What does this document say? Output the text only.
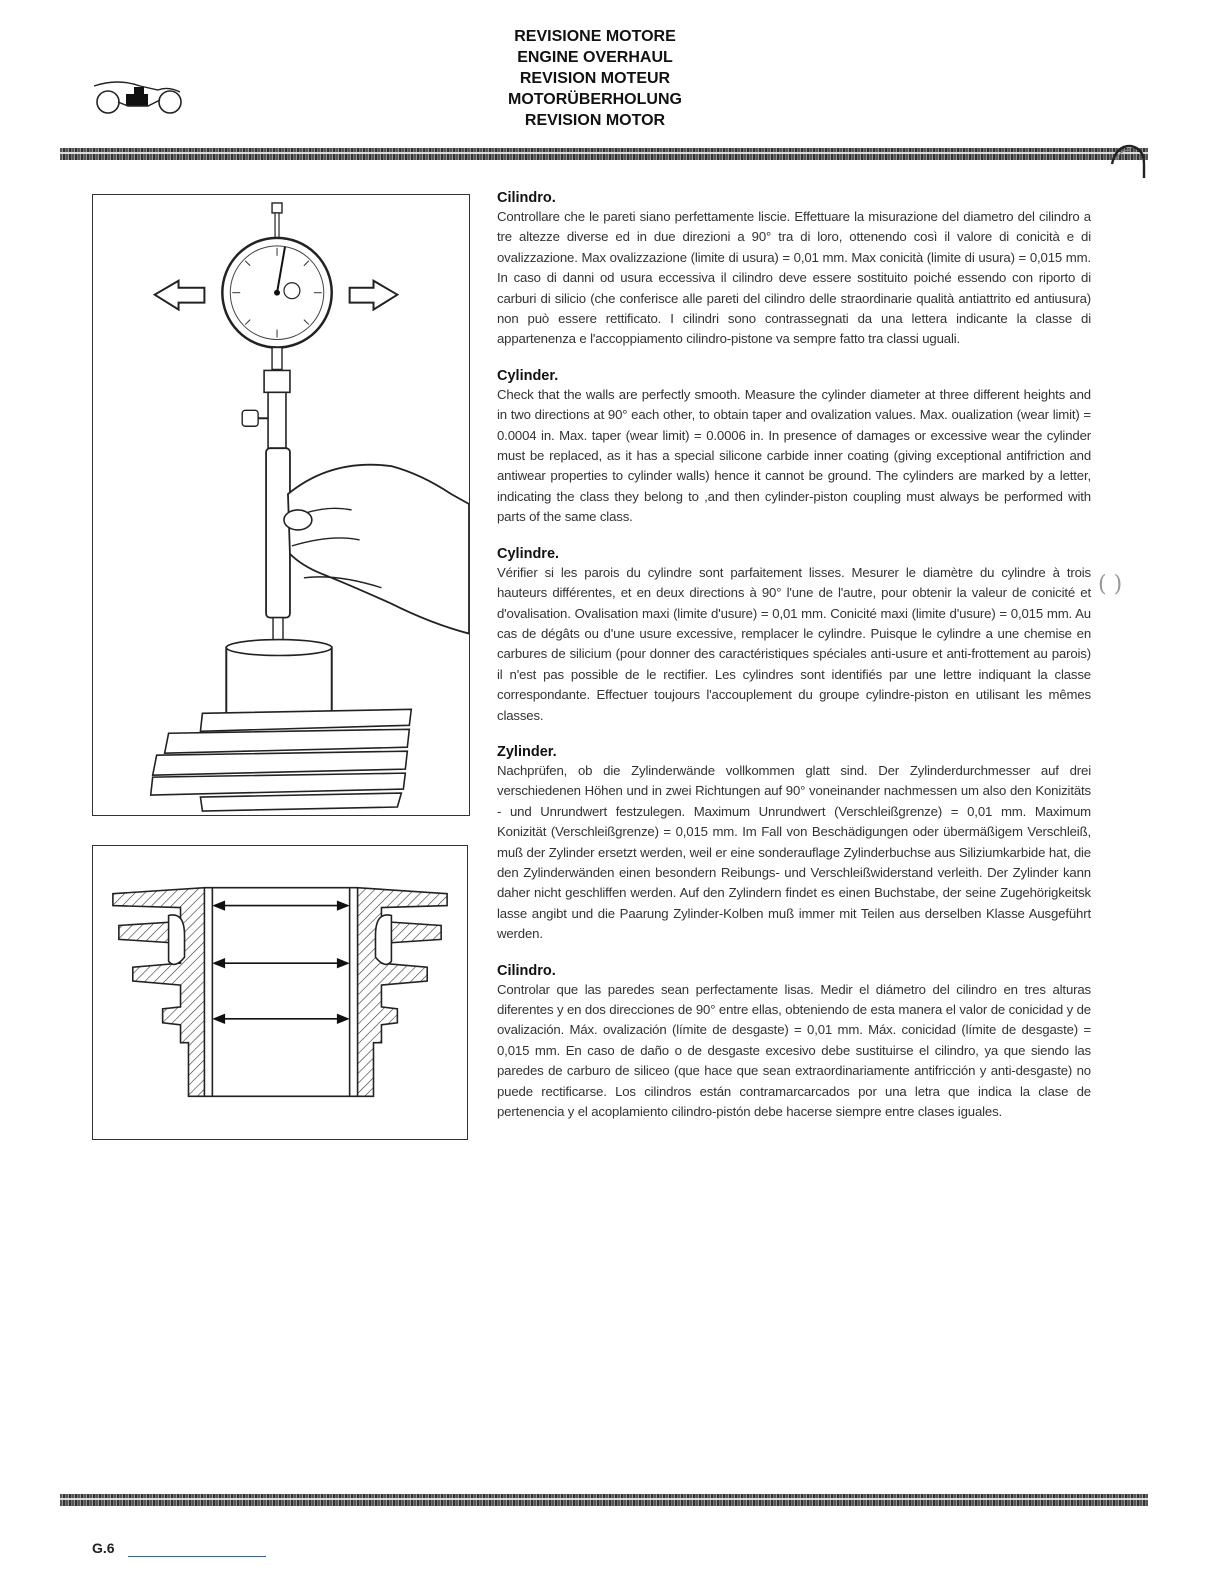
REVISIONE MOTORE
ENGINE OVERHAUL
REVISION MOTEUR
MOTORÜBERHOLUNG
REVISION MOTOR
Cilindro.

Controllare che le pareti siano perfettamente liscie. Effettuare la misurazione del diametro del cilindro a tre altezze diverse ed in due direzioni a 90° tra di loro, ottenendo così il valore di conicità e di ovalizzazione. Max ovalizzazione (limite di usura) = 0,01 mm. Max conicità (limite di usura) = 0,015 mm. In caso di danni od usura eccessiva il cilindro deve essere sostituito poiché essendo con riporto di carburi di silicio (che conferisce alle pareti del cilindro delle straordinarie qualità antiattrito ed antiusura) non può essere rettificato. I cilindri sono contrassegnati da una lettera indicante la classe di appartenenza e l'accoppiamento cilindro-pistone va sempre fatto tra classi uguali.

Cylinder.

Check that the walls are perfectly smooth. Measure the cylinder diameter at three different heights and in two directions at 90° each other, to obtain taper and ovalization values. Max. oualization (wear limit) = 0.0004 in. Max. taper (wear limit) = 0.0006 in. In presence of damages or excessive wear the cylinder must be replaced, as it has a special silicone carbide inner coating (giving exceptional antifriction and antiwear properties to cylinder walls) hence it cannot be ground. The cylinders are marked by a letter, indicating the class they belong to ,and then cylinder-piston coupling must always be performed with parts of the same class.

Cylindre.

Vérifier si les parois du cylindre sont parfaitement lisses. Mesurer le diamètre du cylindre à trois hauteurs différentes, et en deux directions à 90° l'une de l'autre, pour obtenir la valeur de conicité et d'ovalisation. Ovalisation maxi (limite d'usure) = 0,01 mm. Conicité maxi (limite d'usure) = 0,015 mm. Au cas de dégâts ou d'une usure excessive, remplacer le cylindre. Puisque le cylindre a une chemise en carbures de silicium (pour donner des caractéristiques spéciales anti-usure et anti-frottement au parois) il n'est pas possible de le rectifier. Les cylindres sont identifiés par une lettre indiquant la classe correspondante. Effectuer toujours l'accouplement du groupe cylindre-piston en utilisant les mêmes classes.

Zylinder.

Nachprüfen, ob die Zylinderwände vollkommen glatt sind. Der Zylinderdurchmesser auf drei verschiedenen Höhen und in zwei Richtungen auf 90° voneinander nachmessen um also den Konizitäts - und Unrundwert festzulegen. Maximum Unrundwert (Verschleißgrenze) = 0,01 mm. Maximum Konizität (Verschleißgrenze) = 0,015 mm. Im Fall von Beschädigungen oder übermäßigem Verschleiß, muß der Zylinder ersetzt werden, weil er eine sonderauflage Zylinderbuchse aus Siliziumkarbide hat, die den Zylinderwänden einen besondern Reibungs- und Verschleißwiderstand verleith. Der Zylinder kann daher nicht geschliffen werden. Auf den Zylindern findet es einen Buchstabe, der seine Zugehörigkeitsk lasse angibt und die Paarung Zylinder-Kolben muß immer mit Teilen aus derselben Klasse Ausgeführt werden.

Cilindro.

Controlar que las paredes sean perfectamente lisas. Medir el diámetro del cilindro en tres alturas diferentes y en dos direcciones de 90° entre ellas, obteniendo de esta manera el valor de conicidad y de ovalización. Máx. ovalización (límite de desgaste) = 0,01 mm. Máx. conicidad (límite de desgaste) = 0,015 mm. En caso de daño o de desgaste excesivo debe sustituirse el cilindro, ya que siendo las paredes de carburo de siliceo (que hace que sean extraordinariamente antifricción y anti-desgaste) no puede rectificarse. Los cilindros están contramarcarcados por una letra que indica la clase de pertenencia y el acoplamiento cilindro-pistón debe hacerse siempre entre clases iguales.

( )
G.6
